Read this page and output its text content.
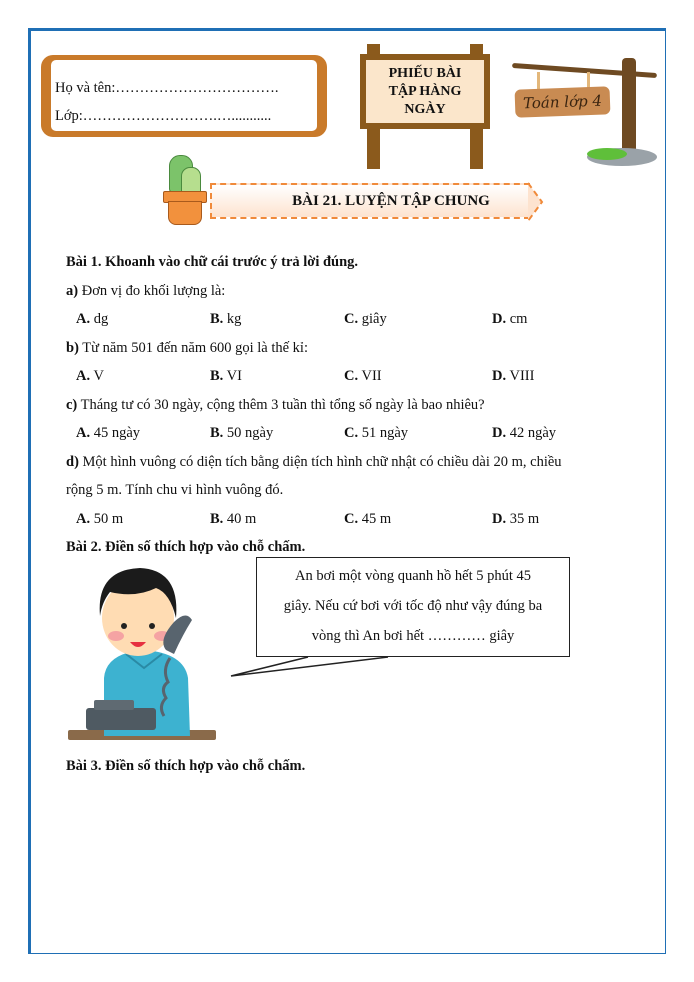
Họ và tên:…………………………….
Lớp:……………………….…...........
PHIẾU BÀI
TẬP HÀNG
NGÀY	Toán lớp 4
BÀI 21. LUYỆN TẬP CHUNG
Bài 1. Khoanh vào chữ cái trước ý trả lời đúng.
a) Đơn vị đo khối lượng là:
A. dg	B. kg	C. giây	D. cm
b) Từ năm 501 đến năm 600 gọi là thế kỉ:
A. V	B. VI	C. VII	D. VIII
c) Tháng tư có 30 ngày, cộng thêm 3 tuần thì tổng số ngày là bao nhiêu?
A. 45 ngày	B. 50 ngày	C. 51 ngày	D. 42 ngày
d) Một hình vuông có diện tích bằng diện tích hình chữ nhật có chiều dài 20 m, chiều
rộng 5 m. Tính chu vi hình vuông đó.
A. 50 m	B. 40 m	C. 45 m	D. 35 m
Bài 2. Điền số thích hợp vào chỗ chấm.
An bơi một vòng quanh hồ hết 5 phút 45
giây. Nếu cứ bơi với tốc độ như vậy đúng ba
vòng thì An bơi hết ………… giây
Bài 3. Điền số thích hợp vào chỗ chấm.
